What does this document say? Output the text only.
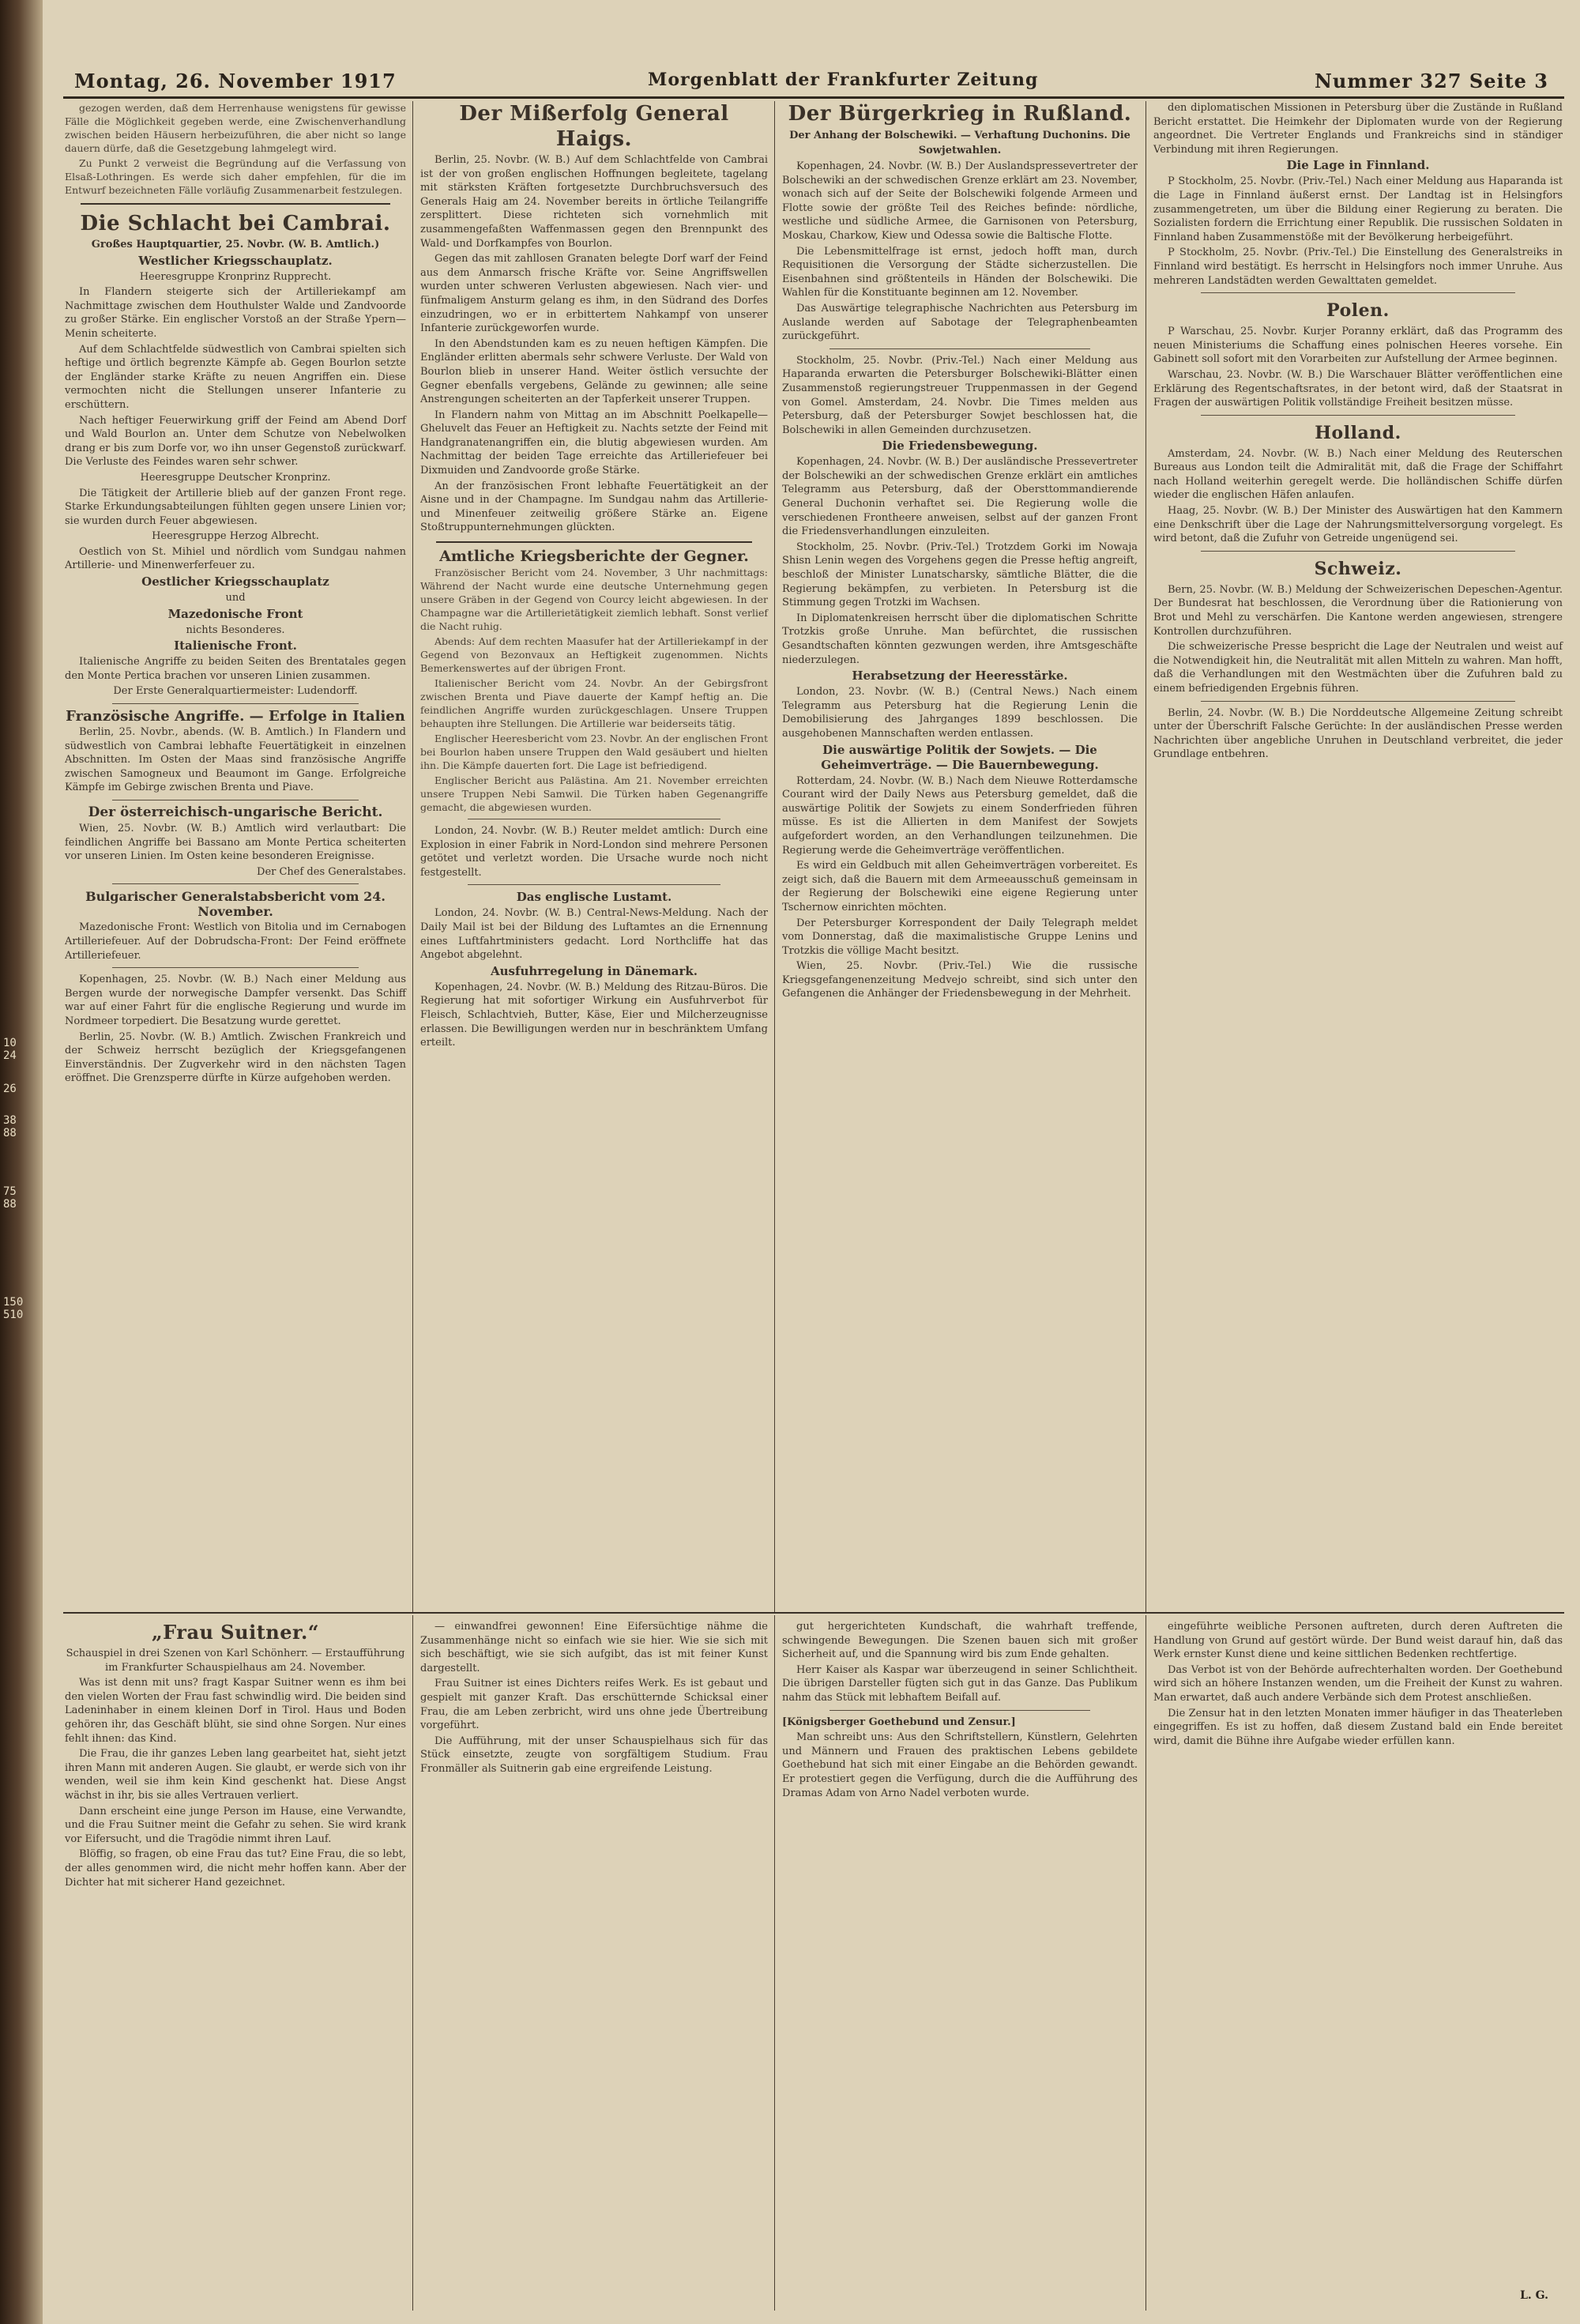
10
24
26
38
88
75
88
150
510
Montag, 26. November 1917	Morgenblatt der Frankfurter Zeitung	Nummer 327 Seite 3

gezogen werden, daß dem Herrenhause wenigstens für gewisse Fälle die Möglichkeit gegeben werde, eine Zwischenverhandlung zwischen beiden Häusern herbeizuführen, die aber nicht so lange dauern dürfe, daß die Gesetzgebung lahmgelegt wird.

Zu Punkt 2 verweist die Begründung auf die Verfassung von Elsaß-Lothringen. Es werde sich daher empfehlen, für die im Entwurf bezeichneten Fälle vorläufig Zusammenarbeit festzulegen.

Die Schlacht bei Cambrai.

Großes Hauptquartier, 25. Novbr. (W. B. Amtlich.)

Westlicher Kriegsschauplatz.

Heeresgruppe Kronprinz Rupprecht.

In Flandern steigerte sich der Artilleriekampf am Nachmittage zwischen dem Houthulster Walde und Zandvoorde zu großer Stärke. Ein englischer Vorstoß an der Straße Ypern—Menin scheiterte.

Auf dem Schlachtfelde südwestlich von Cambrai spielten sich heftige und örtlich begrenzte Kämpfe ab. Gegen Bourlon setzte der Engländer starke Kräfte zu neuen Angriffen ein. Diese vermochten nicht die Stellungen unserer Infanterie zu erschüttern.

Nach heftiger Feuerwirkung griff der Feind am Abend Dorf und Wald Bourlon an. Unter dem Schutze von Nebelwolken drang er bis zum Dorfe vor, wo ihn unser Gegenstoß zurückwarf. Die Verluste des Feindes waren sehr schwer.

Heeresgruppe Deutscher Kronprinz.

Die Tätigkeit der Artillerie blieb auf der ganzen Front rege. Starke Erkundungsabteilungen fühlten gegen unsere Linien vor; sie wurden durch Feuer abgewiesen.

Heeresgruppe Herzog Albrecht.

Oestlich von St. Mihiel und nördlich vom Sundgau nahmen Artillerie- und Minenwerferfeuer zu.

Oestlicher Kriegsschauplatz

und

Mazedonische Front

nichts Besonderes.

Italienische Front.

Italienische Angriffe zu beiden Seiten des Brentatales gegen den Monte Pertica brachen vor unseren Linien zusammen.

Der Erste Generalquartiermeister: Ludendorff.

Französische Angriffe. — Erfolge in Italien

Berlin, 25. Novbr., abends. (W. B. Amtlich.) In Flandern und südwestlich von Cambrai lebhafte Feuertätigkeit in einzelnen Abschnitten. Im Osten der Maas sind französische Angriffe zwischen Samogneux und Beaumont im Gange. Erfolgreiche Kämpfe im Gebirge zwischen Brenta und Piave.

Der österreichisch-ungarische Bericht.

Wien, 25. Novbr. (W. B.) Amtlich wird verlautbart: Die feindlichen Angriffe bei Bassano am Monte Pertica scheiterten vor unseren Linien. Im Osten keine besonderen Ereignisse.

Der Chef des Generalstabes.

Bulgarischer Generalstabsbericht vom 24. November.

Mazedonische Front: Westlich von Bitolia und im Cernabogen Artilleriefeuer. Auf der Dobrudscha-Front: Der Feind eröffnete Artilleriefeuer.

Kopenhagen, 25. Novbr. (W. B.) Nach einer Meldung aus Bergen wurde der norwegische Dampfer versenkt. Das Schiff war auf einer Fahrt für die englische Regierung und wurde im Nordmeer torpediert. Die Besatzung wurde gerettet.

Berlin, 25. Novbr. (W. B.) Amtlich. Zwischen Frankreich und der Schweiz herrscht bezüglich der Kriegsgefangenen Einverständnis. Der Zugverkehr wird in den nächsten Tagen eröffnet. Die Grenzsperre dürfte in Kürze aufgehoben werden.

Der Mißerfolg General Haigs.

Berlin, 25. Novbr. (W. B.) Auf dem Schlachtfelde von Cambrai ist der von großen englischen Hoffnungen begleitete, tagelang mit stärksten Kräften fortgesetzte Durchbruchsversuch des Generals Haig am 24. November bereits in örtliche Teilangriffe zersplittert. Diese richteten sich vornehmlich mit zusammengefaßten Waffenmassen gegen den Brennpunkt des Wald- und Dorfkampfes von Bourlon.

Gegen das mit zahllosen Granaten belegte Dorf warf der Feind aus dem Anmarsch frische Kräfte vor. Seine Angriffswellen wurden unter schweren Verlusten abgewiesen. Nach vier- und fünfmaligem Ansturm gelang es ihm, in den Südrand des Dorfes einzudringen, wo er in erbittertem Nahkampf von unserer Infanterie zurückgeworfen wurde.

In den Abendstunden kam es zu neuen heftigen Kämpfen. Die Engländer erlitten abermals sehr schwere Verluste. Der Wald von Bourlon blieb in unserer Hand. Weiter östlich versuchte der Gegner ebenfalls vergebens, Gelände zu gewinnen; alle seine Anstrengungen scheiterten an der Tapferkeit unserer Truppen.

In Flandern nahm von Mittag an im Abschnitt Poelkapelle—Gheluvelt das Feuer an Heftigkeit zu. Nachts setzte der Feind mit Handgranatenangriffen ein, die blutig abgewiesen wurden. Am Nachmittag der beiden Tage erreichte das Artilleriefeuer bei Dixmuiden und Zandvoorde große Stärke.

An der französischen Front lebhafte Feuertätigkeit an der Aisne und in der Champagne. Im Sundgau nahm das Artillerie- und Minenfeuer zeitweilig größere Stärke an. Eigene Stoßtruppunternehmungen glückten.

Amtliche Kriegsberichte der Gegner.

Französischer Bericht vom 24. November, 3 Uhr nachmittags: Während der Nacht wurde eine deutsche Unternehmung gegen unsere Gräben in der Gegend von Courcy leicht abgewiesen. In der Champagne war die Artillerietätigkeit ziemlich lebhaft. Sonst verlief die Nacht ruhig.

Abends: Auf dem rechten Maasufer hat der Artilleriekampf in der Gegend von Bezonvaux an Heftigkeit zugenommen. Nichts Bemerkenswertes auf der übrigen Front.

Italienischer Bericht vom 24. Novbr. An der Gebirgsfront zwischen Brenta und Piave dauerte der Kampf heftig an. Die feindlichen Angriffe wurden zurückgeschlagen. Unsere Truppen behaupten ihre Stellungen. Die Artillerie war beiderseits tätig.

Englischer Heeresbericht vom 23. Novbr. An der englischen Front bei Bourlon haben unsere Truppen den Wald gesäubert und hielten ihn. Die Kämpfe dauerten fort. Die Lage ist befriedigend.

Englischer Bericht aus Palästina. Am 21. November erreichten unsere Truppen Nebi Samwil. Die Türken haben Gegenangriffe gemacht, die abgewiesen wurden.

London, 24. Novbr. (W. B.) Reuter meldet amtlich: Durch eine Explosion in einer Fabrik in Nord-London sind mehrere Personen getötet und verletzt worden. Die Ursache wurde noch nicht festgestellt.

Das englische Lustamt.

London, 24. Novbr. (W. B.) Central-News-Meldung. Nach der Daily Mail ist bei der Bildung des Luftamtes an die Ernennung eines Luftfahrtministers gedacht. Lord Northcliffe hat das Angebot abgelehnt.

Ausfuhrregelung in Dänemark.

Kopenhagen, 24. Novbr. (W. B.) Meldung des Ritzau-Büros. Die Regierung hat mit sofortiger Wirkung ein Ausfuhrverbot für Fleisch, Schlachtvieh, Butter, Käse, Eier und Milcherzeugnisse erlassen. Die Bewilligungen werden nur in beschränktem Umfang erteilt.

Der Bürgerkrieg in Rußland.

Der Anhang der Bolschewiki. — Verhaftung Duchonins. Die Sowjetwahlen.

Kopenhagen, 24. Novbr. (W. B.) Der Auslandspressevertreter der Bolschewiki an der schwedischen Grenze erklärt am 23. November, wonach sich auf der Seite der Bolschewiki folgende Armeen und Flotte sowie der größte Teil des Reiches befinde: nördliche, westliche und südliche Armee, die Garnisonen von Petersburg, Moskau, Charkow, Kiew und Odessa sowie die Baltische Flotte.

Die Lebensmittelfrage ist ernst, jedoch hofft man, durch Requisitionen die Versorgung der Städte sicherzustellen. Die Eisenbahnen sind größtenteils in Händen der Bolschewiki. Die Wahlen für die Konstituante beginnen am 12. November.

Das Auswärtige telegraphische Nachrichten aus Petersburg im Auslande werden auf Sabotage der Telegraphenbeamten zurückgeführt.

Stockholm, 25. Novbr. (Priv.-Tel.) Nach einer Meldung aus Haparanda erwarten die Petersburger Bolschewiki-Blätter einen Zusammenstoß regierungstreuer Truppenmassen in der Gegend von Gomel. Amsterdam, 24. Novbr. Die Times melden aus Petersburg, daß der Petersburger Sowjet beschlossen hat, die Bolschewiki in allen Gemeinden durchzusetzen.

Die Friedensbewegung.

Kopenhagen, 24. Novbr. (W. B.) Der ausländische Pressevertreter der Bolschewiki an der schwedischen Grenze erklärt ein amtliches Telegramm aus Petersburg, daß der Obersttommandierende General Duchonin verhaftet sei. Die Regierung wolle die verschiedenen Frontheere anweisen, selbst auf der ganzen Front die Friedensverhandlungen einzuleiten.

Stockholm, 25. Novbr. (Priv.-Tel.) Trotzdem Gorki im Nowaja Shisn Lenin wegen des Vorgehens gegen die Presse heftig angreift, beschloß der Minister Lunatscharsky, sämtliche Blätter, die die Regierung bekämpfen, zu verbieten. In Petersburg ist die Stimmung gegen Trotzki im Wachsen.

In Diplomatenkreisen herrscht über die diplomatischen Schritte Trotzkis große Unruhe. Man befürchtet, die russischen Gesandtschaften könnten gezwungen werden, ihre Amtsgeschäfte niederzulegen.

Herabsetzung der Heeresstärke.

London, 23. Novbr. (W. B.) (Central News.) Nach einem Telegramm aus Petersburg hat die Regierung Lenin die Demobilisierung des Jahrganges 1899 beschlossen. Die ausgehobenen Mannschaften werden entlassen.

Die auswärtige Politik der Sowjets. — Die Geheimverträge. — Die Bauernbewegung.

Rotterdam, 24. Novbr. (W. B.) Nach dem Nieuwe Rotterdamsche Courant wird der Daily News aus Petersburg gemeldet, daß die auswärtige Politik der Sowjets zu einem Sonderfrieden führen müsse. Es ist die Allierten in dem Manifest der Sowjets aufgefordert worden, an den Verhandlungen teilzunehmen. Die Regierung werde die Geheimverträge veröffentlichen.

Es wird ein Geldbuch mit allen Geheimverträgen vorbereitet. Es zeigt sich, daß die Bauern mit dem Armeeausschuß gemeinsam in der Regierung der Bolschewiki eine eigene Regierung unter Tschernow einrichten möchten.

Der Petersburger Korrespondent der Daily Telegraph meldet vom Donnerstag, daß die maximalistische Gruppe Lenins und Trotzkis die völlige Macht besitzt.

Wien, 25. Novbr. (Priv.-Tel.) Wie die russische Kriegsgefangenenzeitung Medvejo schreibt, sind sich unter den Gefangenen die Anhänger der Friedensbewegung in der Mehrheit.

den diplomatischen Missionen in Petersburg über die Zustände in Rußland Bericht erstattet. Die Heimkehr der Diplomaten wurde von der Regierung angeordnet. Die Vertreter Englands und Frankreichs sind in ständiger Verbindung mit ihren Regierungen.

Die Lage in Finnland.

P Stockholm, 25. Novbr. (Priv.-Tel.) Nach einer Meldung aus Haparanda ist die Lage in Finnland äußerst ernst. Der Landtag ist in Helsingfors zusammengetreten, um über die Bildung einer Regierung zu beraten. Die Sozialisten fordern die Errichtung einer Republik. Die russischen Soldaten in Finnland haben Zusammenstöße mit der Bevölkerung herbeigeführt.

P Stockholm, 25. Novbr. (Priv.-Tel.) Die Einstellung des Generalstreiks in Finnland wird bestätigt. Es herrscht in Helsingfors noch immer Unruhe. Aus mehreren Landstädten werden Gewalttaten gemeldet.

Polen.

P Warschau, 25. Novbr. Kurjer Poranny erklärt, daß das Programm des neuen Ministeriums die Schaffung eines polnischen Heeres vorsehe. Ein Gabinett soll sofort mit den Vorarbeiten zur Aufstellung der Armee beginnen.

Warschau, 23. Novbr. (W. B.) Die Warschauer Blätter veröffentlichen eine Erklärung des Regentschaftsrates, in der betont wird, daß der Staatsrat in Fragen der auswärtigen Politik vollständige Freiheit besitzen müsse.

Holland.

Amsterdam, 24. Novbr. (W. B.) Nach einer Meldung des Reuterschen Bureaus aus London teilt die Admiralität mit, daß die Frage der Schiffahrt nach Holland weiterhin geregelt werde. Die holländischen Schiffe dürfen wieder die englischen Häfen anlaufen.

Haag, 25. Novbr. (W. B.) Der Minister des Auswärtigen hat den Kammern eine Denkschrift über die Lage der Nahrungsmittelversorgung vorgelegt. Es wird betont, daß die Zufuhr von Getreide ungenügend sei.

Schweiz.

Bern, 25. Novbr. (W. B.) Meldung der Schweizerischen Depeschen-Agentur. Der Bundesrat hat beschlossen, die Verordnung über die Rationierung von Brot und Mehl zu verschärfen. Die Kantone werden angewiesen, strengere Kontrollen durchzuführen.

Die schweizerische Presse bespricht die Lage der Neutralen und weist auf die Notwendigkeit hin, die Neutralität mit allen Mitteln zu wahren. Man hofft, daß die Verhandlungen mit den Westmächten über die Zufuhren bald zu einem befriedigenden Ergebnis führen.

Berlin, 24. Novbr. (W. B.) Die Norddeutsche Allgemeine Zeitung schreibt unter der Überschrift Falsche Gerüchte: In der ausländischen Presse werden Nachrichten über angebliche Unruhen in Deutschland verbreitet, die jeder Grundlage entbehren.

„Frau Suitner.“

Schauspiel in drei Szenen von Karl Schönherr. — Erstaufführung im Frankfurter Schauspielhaus am 24. November.

Was ist denn mit uns? fragt Kaspar Suitner wenn es ihm bei den vielen Worten der Frau fast schwindlig wird. Die beiden sind Ladeninhaber in einem kleinen Dorf in Tirol. Haus und Boden gehören ihr, das Geschäft blüht, sie sind ohne Sorgen. Nur eines fehlt ihnen: das Kind.

Die Frau, die ihr ganzes Leben lang gearbeitet hat, sieht jetzt ihren Mann mit anderen Augen. Sie glaubt, er werde sich von ihr wenden, weil sie ihm kein Kind geschenkt hat. Diese Angst wächst in ihr, bis sie alles Vertrauen verliert.

Dann erscheint eine junge Person im Hause, eine Verwandte, und die Frau Suitner meint die Gefahr zu sehen. Sie wird krank vor Eifersucht, und die Tragödie nimmt ihren Lauf.

Blöffig, so fragen, ob eine Frau das tut? Eine Frau, die so lebt, der alles genommen wird, die nicht mehr hoffen kann. Aber der Dichter hat mit sicherer Hand gezeichnet.

— einwandfrei gewonnen! Eine Eifersüchtige nähme die Zusammenhänge nicht so einfach wie sie hier. Wie sie sich mit sich beschäftigt, wie sie sich aufgibt, das ist mit feiner Kunst dargestellt.

Frau Suitner ist eines Dichters reifes Werk. Es ist gebaut und gespielt mit ganzer Kraft. Das erschütternde Schicksal einer Frau, die am Leben zerbricht, wird uns ohne jede Übertreibung vorgeführt.

Die Aufführung, mit der unser Schauspielhaus sich für das Stück einsetzte, zeugte von sorgfältigem Studium. Frau Fronmäller als Suitnerin gab eine ergreifende Leistung.

gut hergerichteten Kundschaft, die wahrhaft treffende, schwingende Bewegungen. Die Szenen bauen sich mit großer Sicherheit auf, und die Spannung wird bis zum Ende gehalten.

Herr Kaiser als Kaspar war überzeugend in seiner Schlichtheit. Die übrigen Darsteller fügten sich gut in das Ganze. Das Publikum nahm das Stück mit lebhaftem Beifall auf.

[Königsberger Goethebund und Zensur.]

Man schreibt uns: Aus den Schriftstellern, Künstlern, Gelehrten und Männern und Frauen des praktischen Lebens gebildete Goethebund hat sich mit einer Eingabe an die Behörden gewandt. Er protestiert gegen die Verfügung, durch die die Aufführung des Dramas Adam von Arno Nadel verboten wurde.

eingeführte weibliche Personen auftreten, durch deren Auftreten die Handlung von Grund auf gestört würde. Der Bund weist darauf hin, daß das Werk ernster Kunst diene und keine sittlichen Bedenken rechtfertige.

Das Verbot ist von der Behörde aufrechterhalten worden. Der Goethebund wird sich an höhere Instanzen wenden, um die Freiheit der Kunst zu wahren. Man erwartet, daß auch andere Verbände sich dem Protest anschließen.

Die Zensur hat in den letzten Monaten immer häufiger in das Theaterleben eingegriffen. Es ist zu hoffen, daß diesem Zustand bald ein Ende bereitet wird, damit die Bühne ihre Aufgabe wieder erfüllen kann.

L. G.
